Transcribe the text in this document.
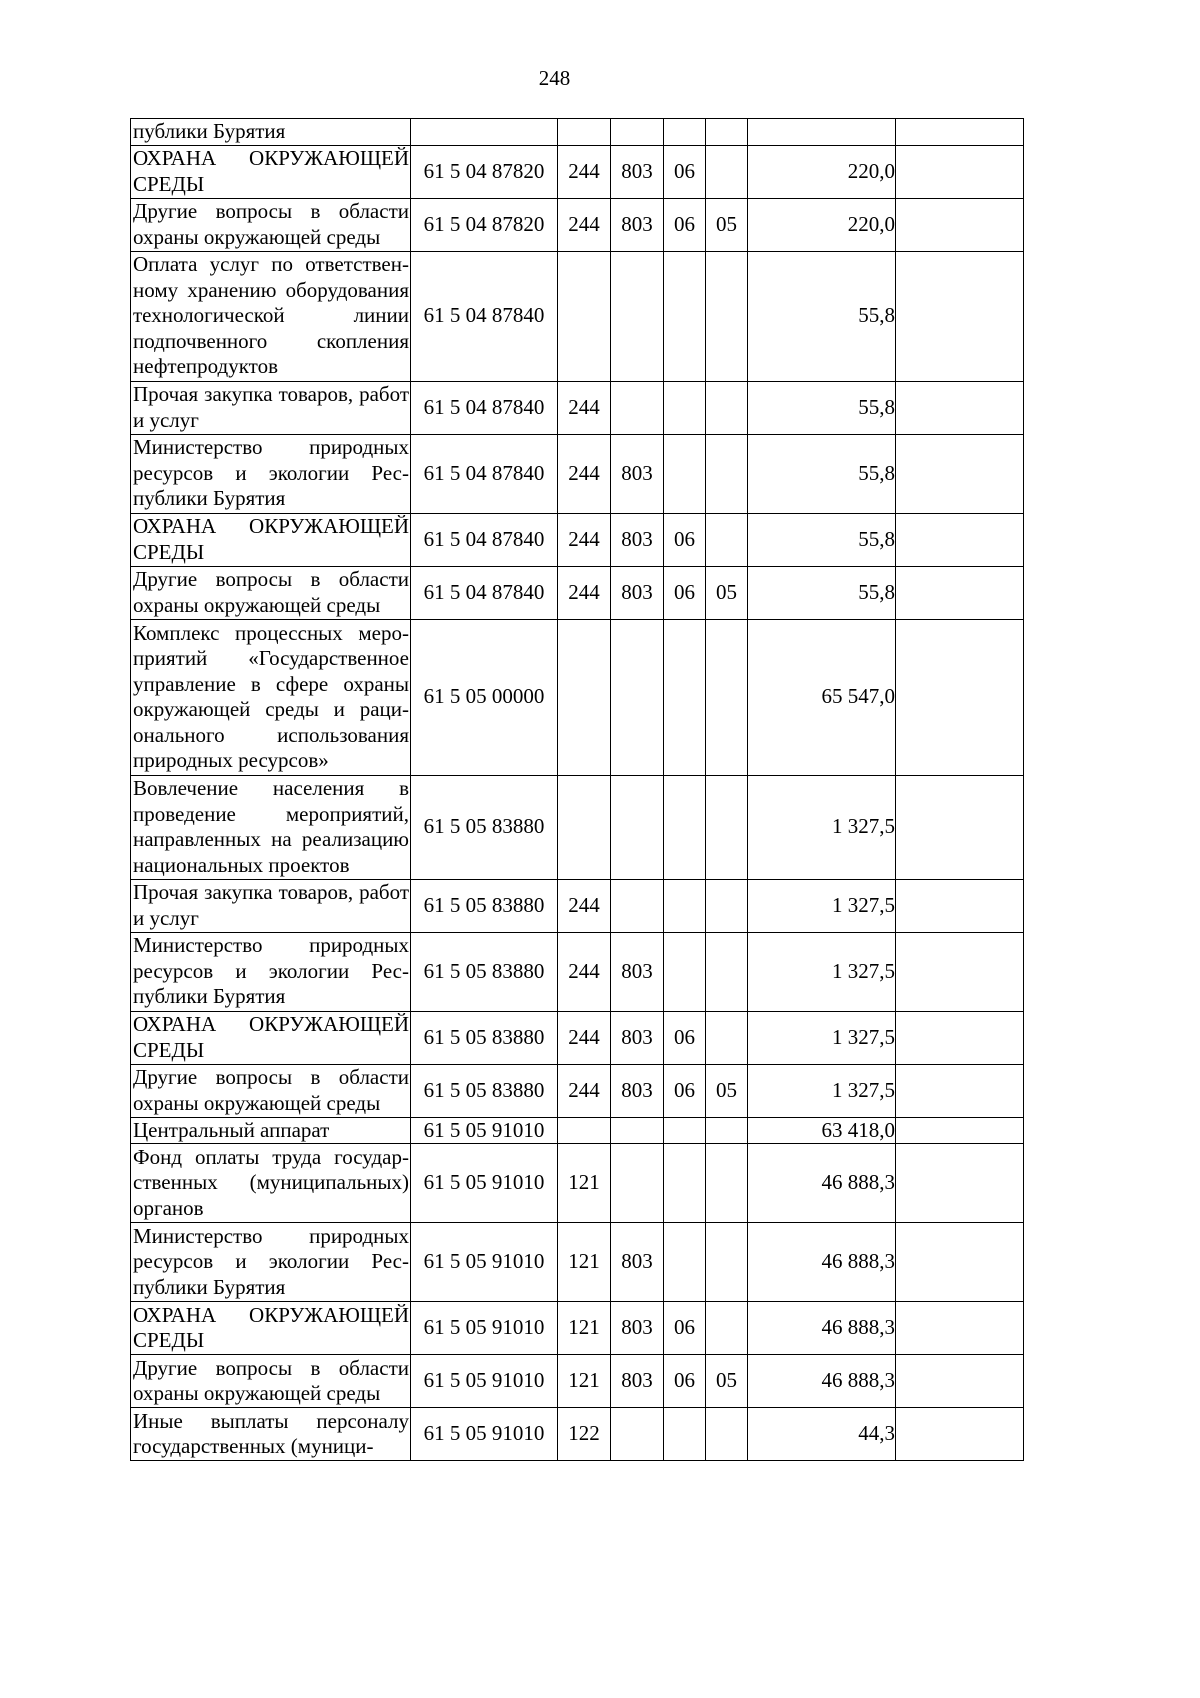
248
публики Бурятия							
ОХРАНА ОКРУЖАЮЩЕЙ СРЕДЫ	61 5 04 87820	244	803	06		220,0	
Другие вопросы в области охраны окружающей среды	61 5 04 87820	244	803	06	05	220,0	
Оплата услуг по ответственному хранению оборудования технологической линии подпочвенного скопления нефтепродуктов	61 5 04 87840					55,8	
Прочая закупка товаров, работ и услуг	61 5 04 87840	244				55,8	
Министерство природных ресурсов и экологии Республики Бурятия	61 5 04 87840	244	803			55,8	
ОХРАНА ОКРУЖАЮЩЕЙ СРЕДЫ	61 5 04 87840	244	803	06		55,8	
Другие вопросы в области охраны окружающей среды	61 5 04 87840	244	803	06	05	55,8	
Комплекс процессных мероприятий «Государственное управление в сфере охраны окружающей среды и рационального использования природных ресурсов»	61 5 05 00000					65 547,0	
Вовлечение населения в проведение мероприятий, направленных на реализацию национальных проектов	61 5 05 83880					1 327,5	
Прочая закупка товаров, работ и услуг	61 5 05 83880	244				1 327,5	
Министерство природных ресурсов и экологии Республики Бурятия	61 5 05 83880	244	803			1 327,5	
ОХРАНА ОКРУЖАЮЩЕЙ СРЕДЫ	61 5 05 83880	244	803	06		1 327,5	
Другие вопросы в области охраны окружающей среды	61 5 05 83880	244	803	06	05	1 327,5	
Центральный аппарат	61 5 05 91010					63 418,0	
Фонд оплаты труда государственных (муниципальных) органов	61 5 05 91010	121				46 888,3	
Министерство природных ресурсов и экологии Республики Бурятия	61 5 05 91010	121	803			46 888,3	
ОХРАНА ОКРУЖАЮЩЕЙ СРЕДЫ	61 5 05 91010	121	803	06		46 888,3	
Другие вопросы в области охраны окружающей среды	61 5 05 91010	121	803	06	05	46 888,3	
Иные выплаты персоналу государственных (муници-	61 5 05 91010	122				44,3	
